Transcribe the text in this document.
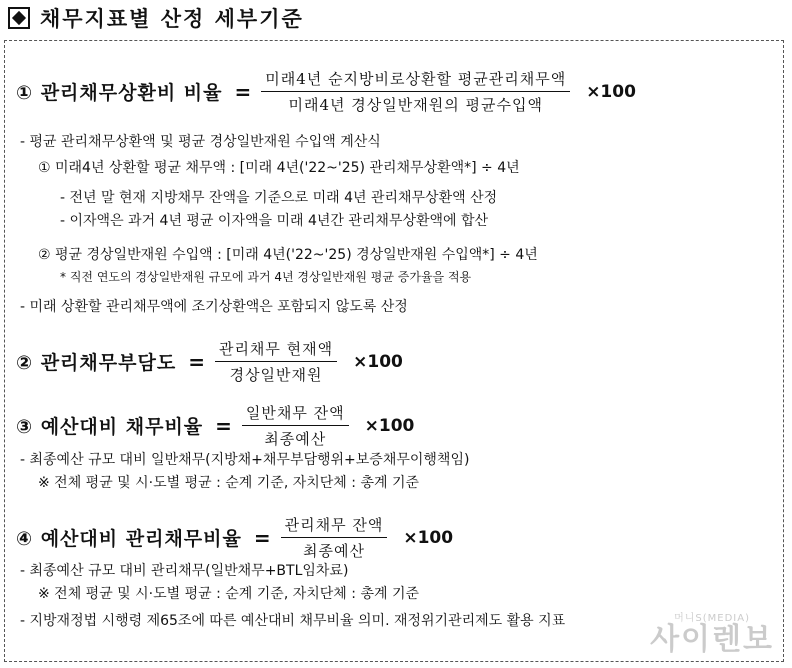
채무지표별 산정 세부기준
① 관리채무상환비 비율 = $\frac{\text{미래4년 순지방비로상환할 평균관리채무액}}{\text{미래4년 경상일반재원의 평균수입액}} \times 100$
- 평균 관리채무상환액 및 평균 경상일반재원 수입액 계산식
① 미래4년 상환할 평균 채무액 : [미래 4년('22~'25) 관리채무상환액*] ÷ 4년
- 전년 말 현재 지방채무 잔액을 기준으로 미래 4년 관리채무상환액 산정
- 이자액은 과거 4년 평균 이자액을 미래 4년간 관리채무상환액에 합산
② 평균 경상일반재원 수입액 : [미래 4년('22~'25) 경상일반재원 수입액*] ÷ 4년
* 직전 연도의 경상일반재원 규모에 과거 4년 경상일반재원 평균 증가율을 적용
- 미래 상환할 관리채무액에 조기상환액은 포함되지 않도록 산정
② 관리채무부담도 = $\frac{\text{관리채무 현재액}}{\text{경상일반재원}} \times 100$
③ 예산대비 채무비율 = $\frac{\text{일반채무 잔액}}{\text{최종예산}} \times 100$
- 최종예산 규모 대비 일반채무(지방채+채무부담행위+보증채무이행책임)
※ 전체 평균 및 시·도별 평균 : 순계 기준, 자치단체 : 총계 기준
④ 예산대비 관리채무비율 = $\frac{\text{관리채무 잔액}}{\text{최종예산}} \times 100$
- 최종예산 규모 대비 관리채무(일반채무+BTL임차료)
※ 전체 평균 및 시·도별 평균 : 순계 기준, 자치단체 : 총계 기준
- 지방재정법 시행령 제65조에 따른 예산대비 채무비율 의미. 재정위기관리제도 활용 지표	머니S(MEDIA)
사이렌보
